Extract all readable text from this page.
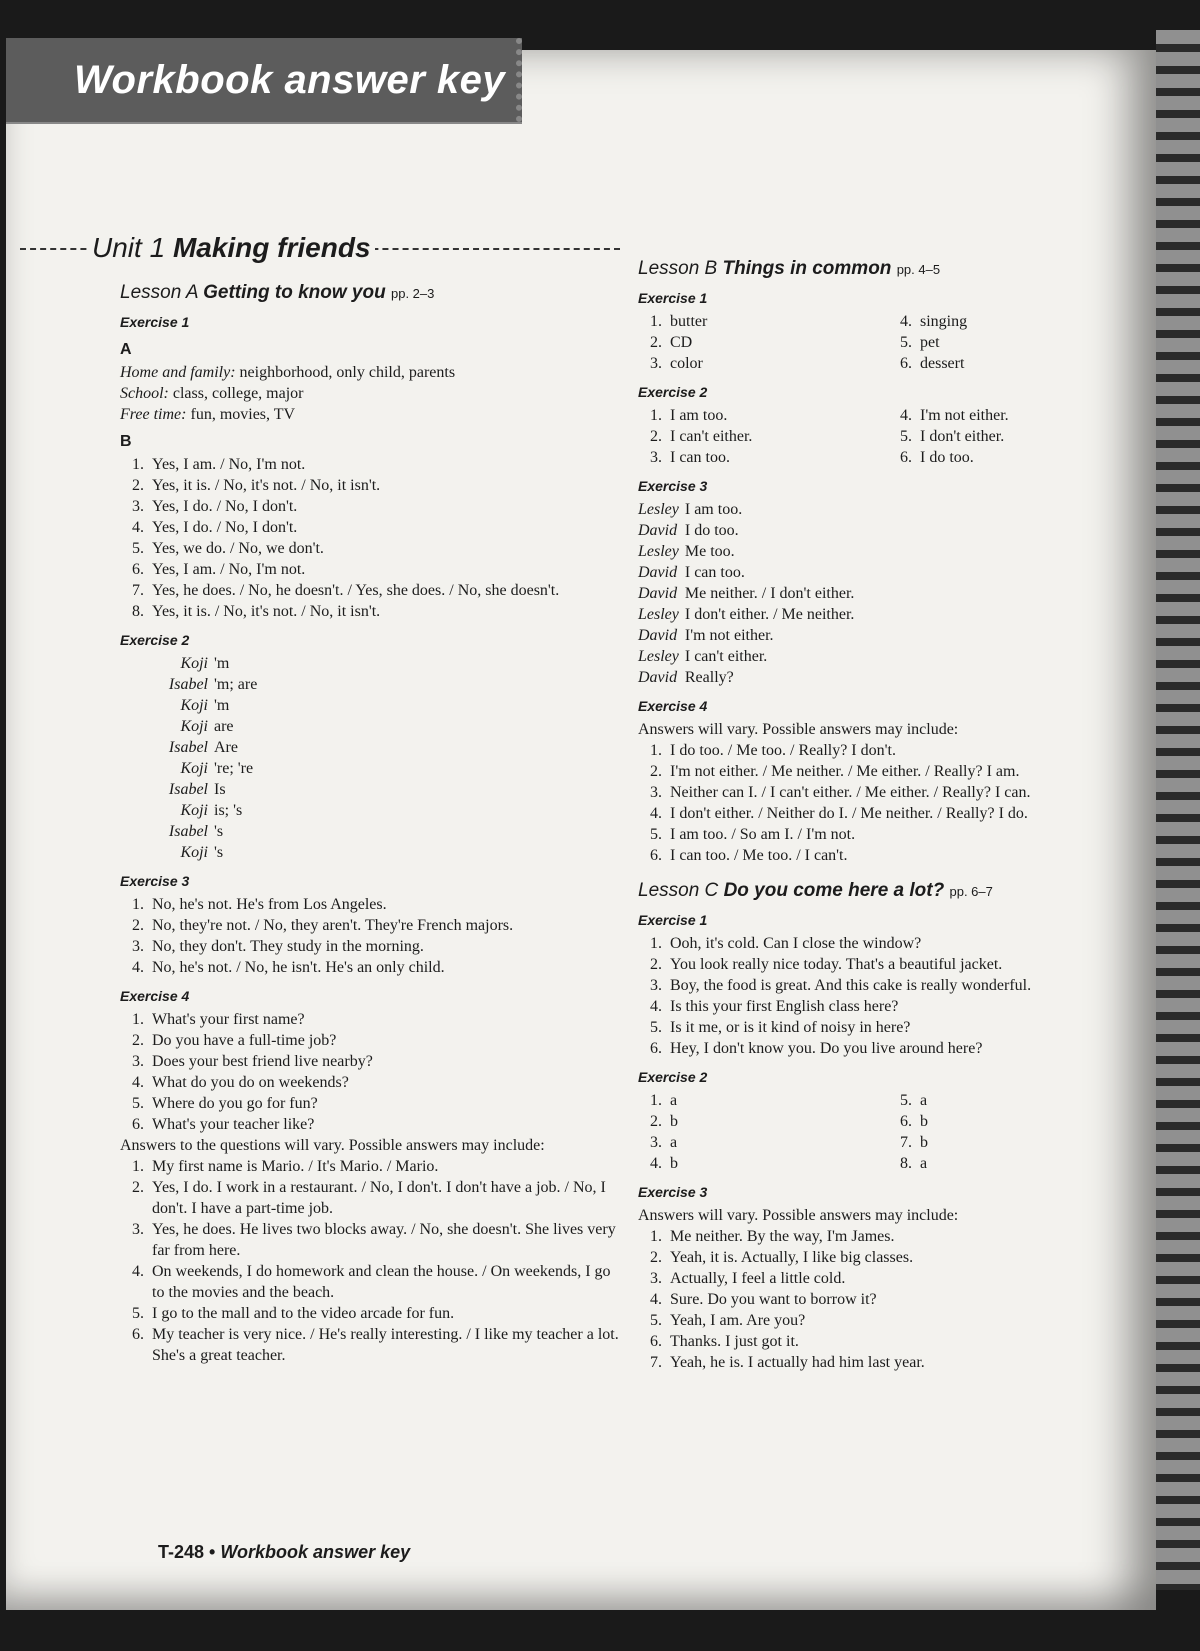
Workbook answer key
Unit 1 Making friends
Lesson A Getting to know you pp. 2–3
Exercise 1
A

Home and family: neighborhood, only child, parents

School: class, college, major

Free time: fun, movies, TV

B
1. Yes, I am. / No, I'm not.
2. Yes, it is. / No, it's not. / No, it isn't.
3. Yes, I do. / No, I don't.
4. Yes, I do. / No, I don't.
5. Yes, we do. / No, we don't.
6. Yes, I am. / No, I'm not.
7. Yes, he does. / No, he doesn't. / Yes, she does. / No, she doesn't.
8. Yes, it is. / No, it's not. / No, it isn't.
Exercise 2
Koji 'm
Isabel 'm; are
Koji 'm
Koji are
Isabel Are
Koji 're; 're
Isabel Is
Koji is; 's
Isabel 's
Koji 's
Exercise 3
1. No, he's not. He's from Los Angeles.
2. No, they're not. / No, they aren't. They're French majors.
3. No, they don't. They study in the morning.
4. No, he's not. / No, he isn't. He's an only child.
Exercise 4
1. What's your first name?
2. Do you have a full-time job?
3. Does your best friend live nearby?
4. What do you do on weekends?
5. Where do you go for fun?
6. What's your teacher like?

Answers to the questions will vary. Possible answers may include:

1. My first name is Mario. / It's Mario. / Mario.
2. Yes, I do. I work in a restaurant. / No, I don't. I don't have a job. / No, I don't. I have a part-time job.
3. Yes, he does. He lives two blocks away. / No, she doesn't. She lives very far from here.
4. On weekends, I do homework and clean the house. / On weekends, I go to the movies and the beach.
5. I go to the mall and to the video arcade for fun.
6. My teacher is very nice. / He's really interesting. / I like my teacher a lot. She's a great teacher.
Lesson B Things in common pp. 4–5
Exercise 1
1. butter
2. CD
3. color
4. singing
5. pet
6. dessert
Exercise 2
1. I am too.
2. I can't either.
3. I can too.
4. I'm not either.
5. I don't either.
6. I do too.
Exercise 3
Lesley I am too.
David I do too.
Lesley Me too.
David I can too.
David Me neither. / I don't either.
Lesley I don't either. / Me neither.
David I'm not either.
Lesley I can't either.
David Really?
Exercise 4

Answers will vary. Possible answers may include:

1. I do too. / Me too. / Really? I don't.
2. I'm not either. / Me neither. / Me either. / Really? I am.
3. Neither can I. / I can't either. / Me either. / Really? I can.
4. I don't either. / Neither do I. / Me neither. / Really? I do.
5. I am too. / So am I. / I'm not.
6. I can too. / Me too. / I can't.
Lesson C Do you come here a lot? pp. 6–7
Exercise 1
1. Ooh, it's cold. Can I close the window?
2. You look really nice today. That's a beautiful jacket.
3. Boy, the food is great. And this cake is really wonderful.
4. Is this your first English class here?
5. Is it me, or is it kind of noisy in here?
6. Hey, I don't know you. Do you live around here?
Exercise 2
1. a
2. b
3. a
4. b
5. a
6. b
7. b
8. a
Exercise 3

Answers will vary. Possible answers may include:

1. Me neither. By the way, I'm James.
2. Yeah, it is. Actually, I like big classes.
3. Actually, I feel a little cold.
4. Sure. Do you want to borrow it?
5. Yeah, I am. Are you?
6. Thanks. I just got it.
7. Yeah, he is. I actually had him last year.
T-248 • Workbook answer key
